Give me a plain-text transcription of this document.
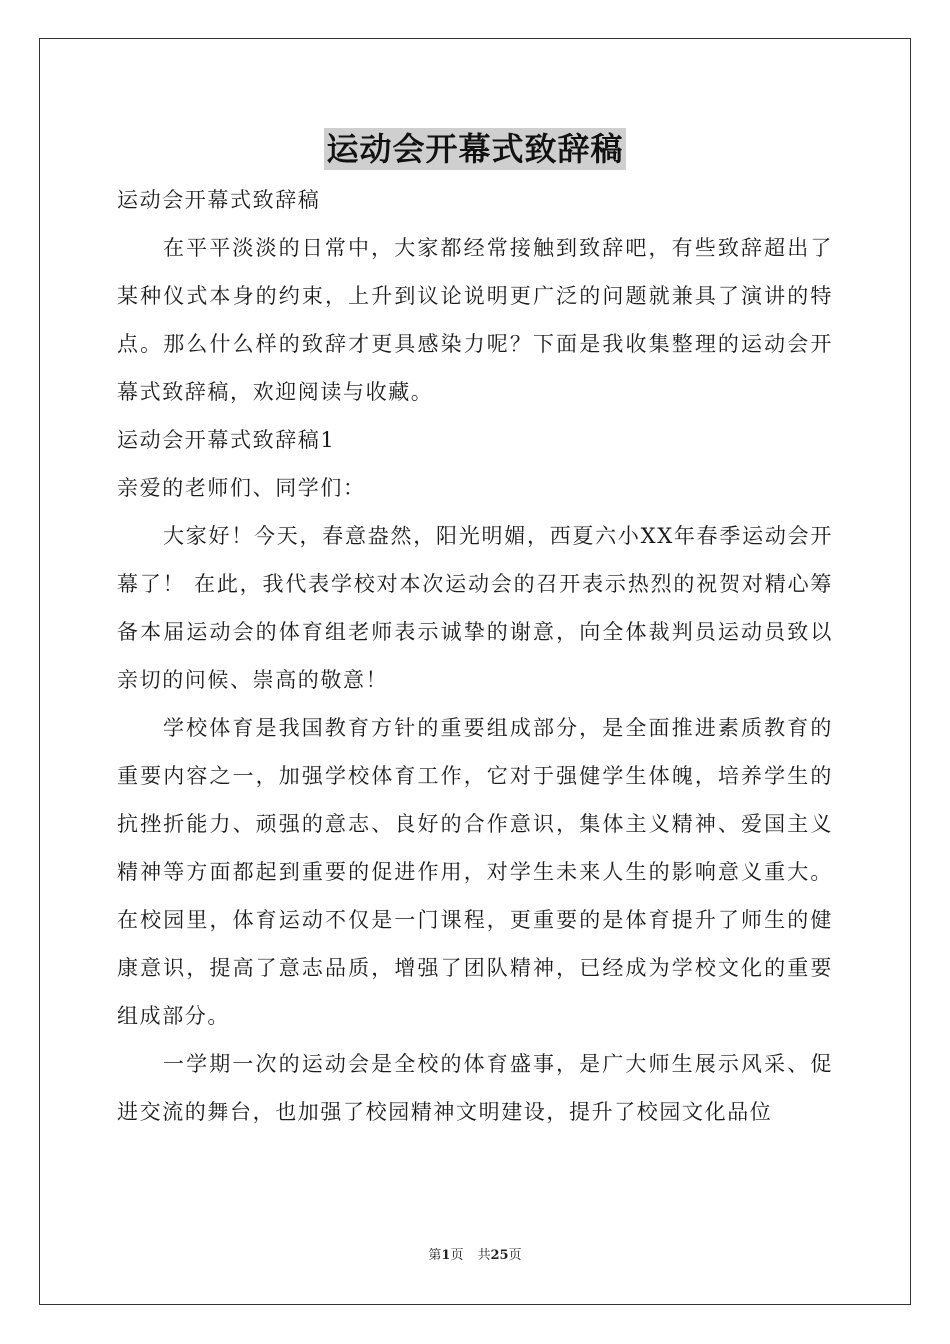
运动会开幕式致辞稿

运动会开幕式致辞稿

在平平淡淡的日常中，大家都经常接触到致辞吧，有些致辞超出了某种仪式本身的约束，上升到议论说明更广泛的问题就兼具了演讲的特点。那么什么样的致辞才更具感染力呢？下面是我收集整理的运动会开幕式致辞稿，欢迎阅读与收藏。

运动会开幕式致辞稿1

亲爱的老师们、同学们：

大家好！今天，春意盎然，阳光明媚，西夏六小XX年春季运动会开幕了！ 在此，我代表学校对本次运动会的召开表示热烈的祝贺对精心筹备本届运动会的体育组老师表示诚挚的谢意，向全体裁判员运动员致以亲切的问候、崇高的敬意！

学校体育是我国教育方针的重要组成部分，是全面推进素质教育的重要内容之一，加强学校体育工作，它对于强健学生体魄，培养学生的抗挫折能力、顽强的意志、良好的合作意识，集体主义精神、爱国主义精神等方面都起到重要的促进作用，对学生未来人生的影响意义重大。在校园里，体育运动不仅是一门课程，更重要的是体育提升了师生的健康意识，提高了意志品质，增强了团队精神，已经成为学校文化的重要组成部分。

一学期一次的运动会是全校的体育盛事，是广大师生展示风采、促进交流的舞台，也加强了校园精神文明建设，提升了校园文化品位

第1页 共25页
